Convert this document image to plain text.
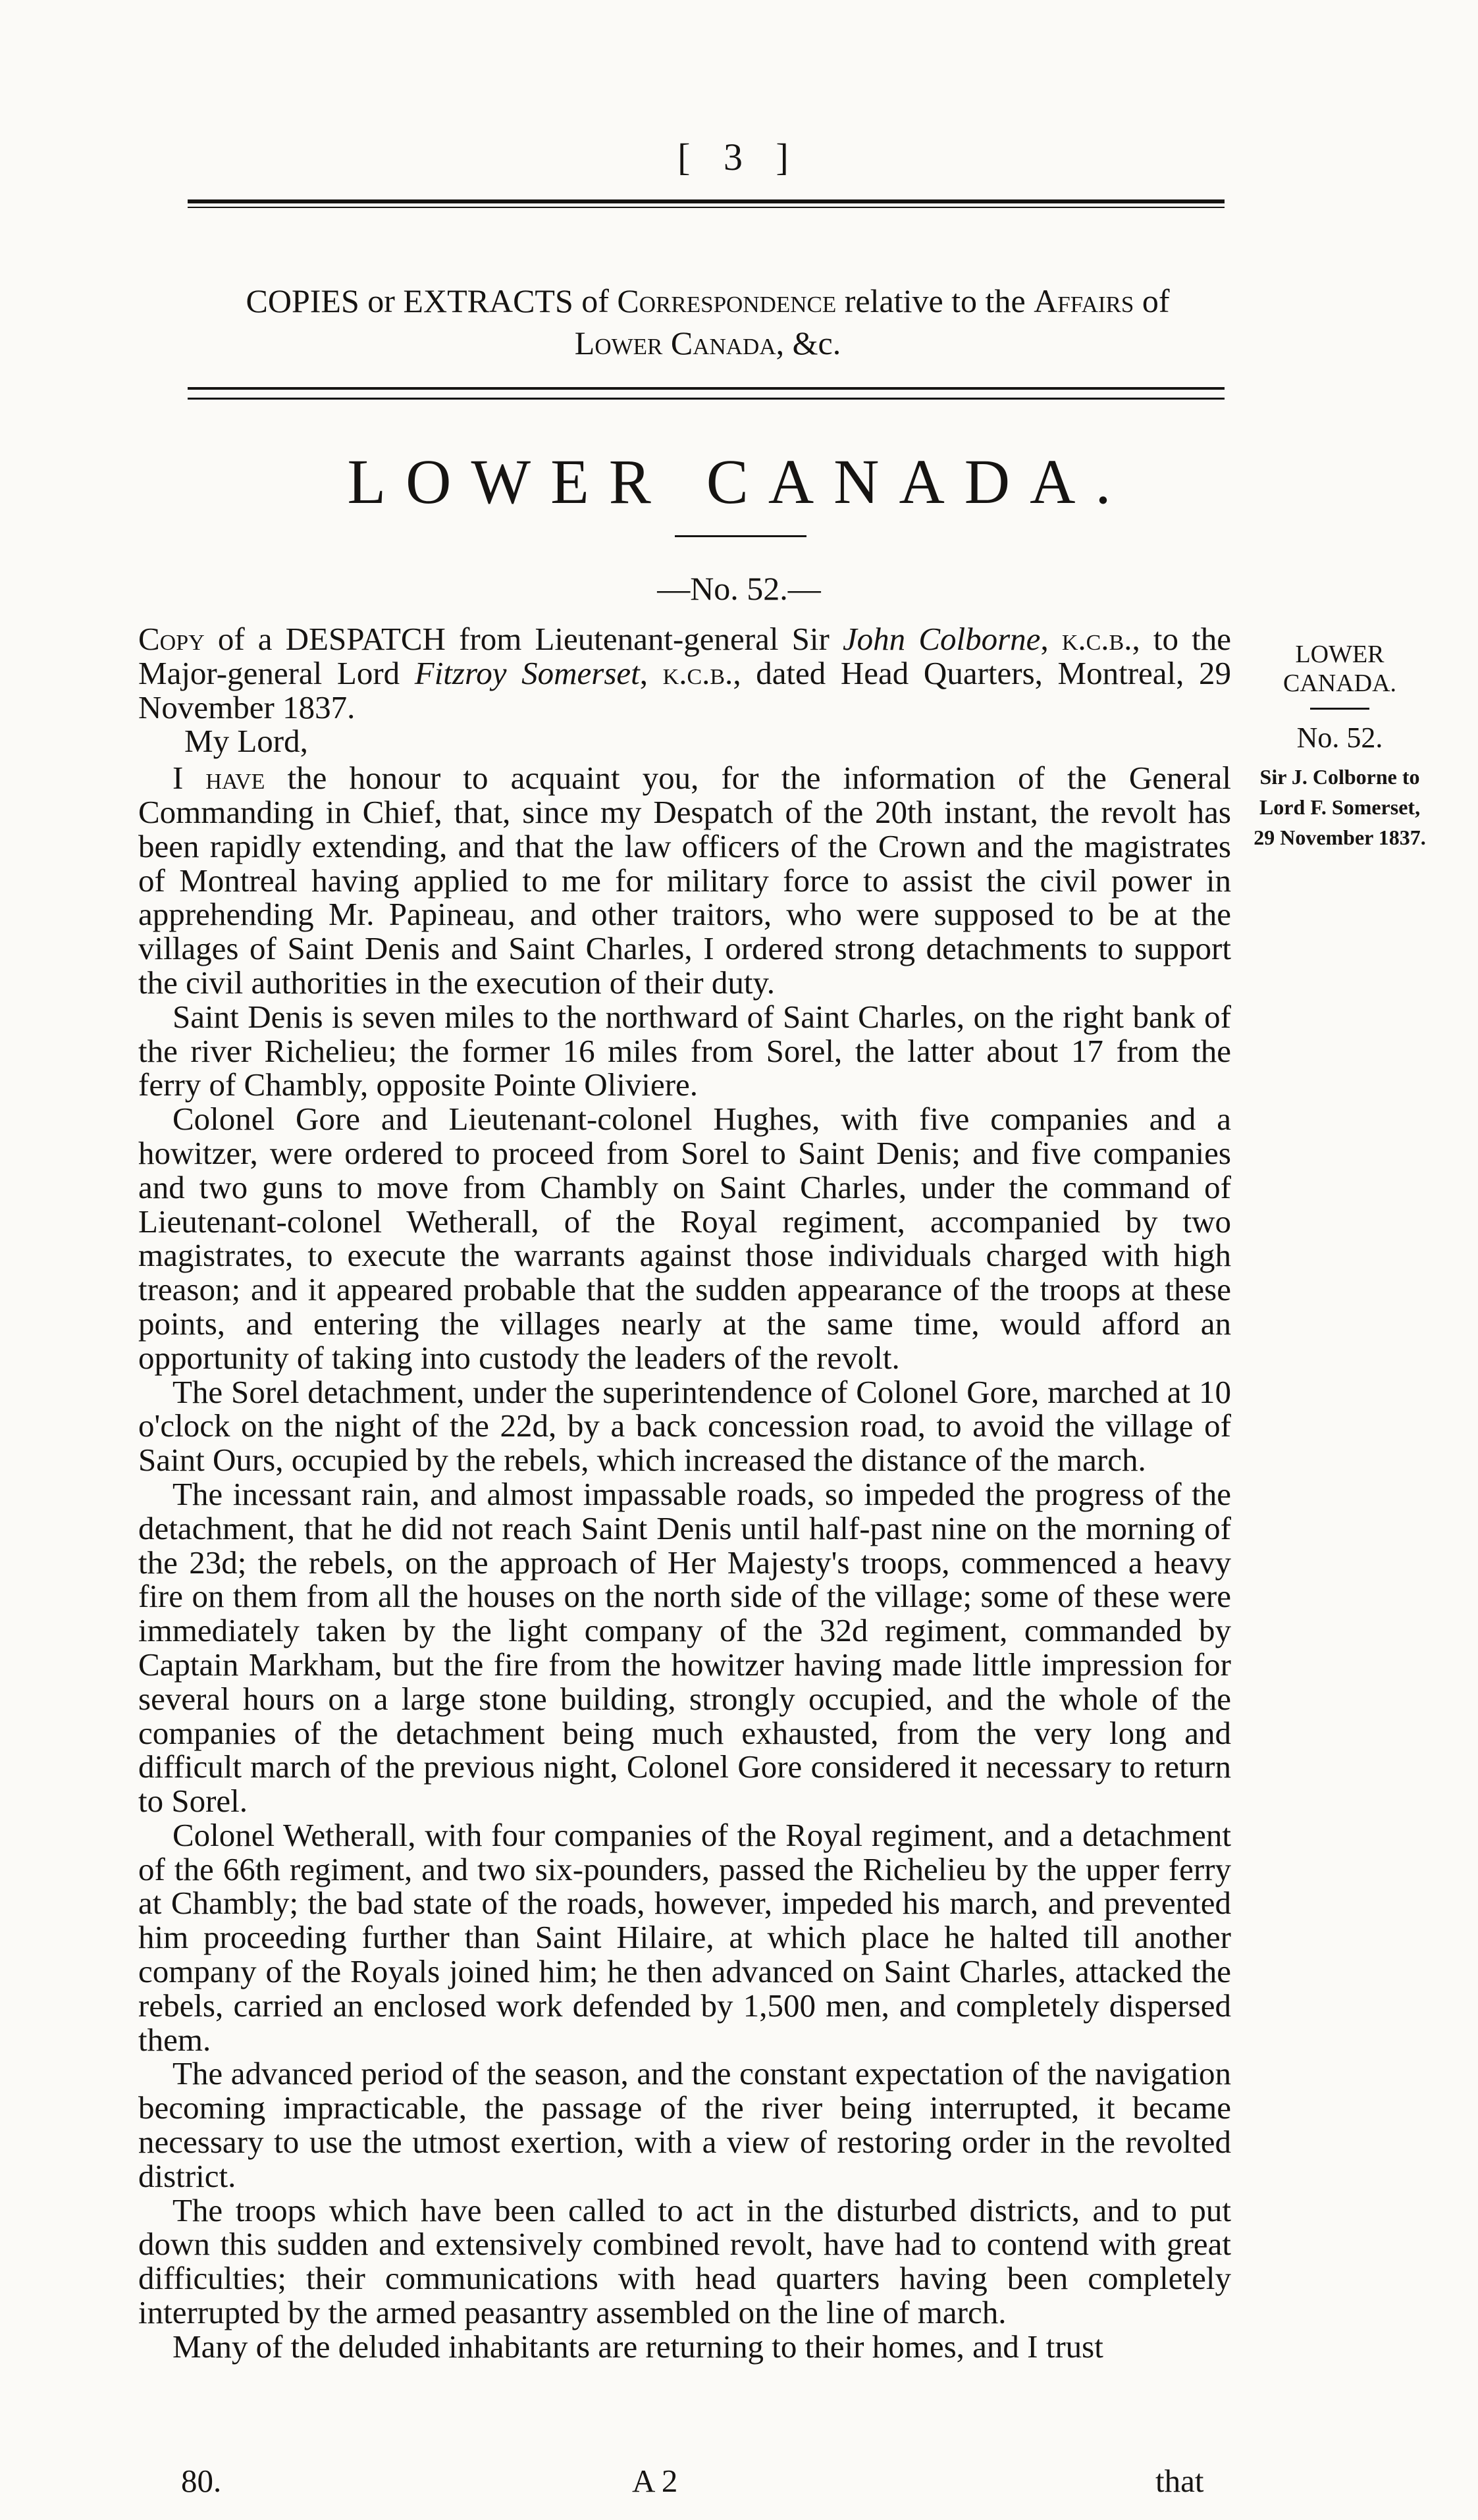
[ 3 ]
COPIES or EXTRACTS of Correspondence relative to the Affairs of
Lower Canada, &c.
LOWER CANADA.
—No. 52.—

Copy of a DESPATCH from Lieutenant-general Sir John Colborne, k.c.b., to the Major-general Lord Fitzroy Somerset, k.c.b., dated Head Quarters, Montreal, 29 November 1837.

My Lord,

I have the honour to acquaint you, for the information of the General Commanding in Chief, that, since my Despatch of the 20th instant, the revolt has been rapidly extending, and that the law officers of the Crown and the magistrates of Montreal having applied to me for military force to assist the civil power in apprehending Mr. Papineau, and other traitors, who were supposed to be at the villages of Saint Denis and Saint Charles, I ordered strong detachments to support the civil authorities in the execution of their duty.

Saint Denis is seven miles to the northward of Saint Charles, on the right bank of the river Richelieu; the former 16 miles from Sorel, the latter about 17 from the ferry of Chambly, opposite Pointe Oliviere.

Colonel Gore and Lieutenant-colonel Hughes, with five companies and a howitzer, were ordered to proceed from Sorel to Saint Denis; and five companies and two guns to move from Chambly on Saint Charles, under the command of Lieutenant-colonel Wetherall, of the Royal regiment, accompanied by two magistrates, to execute the warrants against those individuals charged with high treason; and it appeared probable that the sudden appearance of the troops at these points, and entering the villages nearly at the same time, would afford an opportunity of taking into custody the leaders of the revolt.

The Sorel detachment, under the superintendence of Colonel Gore, marched at 10 o'clock on the night of the 22d, by a back concession road, to avoid the village of Saint Ours, occupied by the rebels, which increased the distance of the march.

The incessant rain, and almost impassable roads, so impeded the progress of the detachment, that he did not reach Saint Denis until half-past nine on the morning of the 23d; the rebels, on the approach of Her Majesty's troops, commenced a heavy fire on them from all the houses on the north side of the village; some of these were immediately taken by the light company of the 32d regiment, commanded by Captain Markham, but the fire from the howitzer having made little impression for several hours on a large stone building, strongly occupied, and the whole of the companies of the detachment being much exhausted, from the very long and difficult march of the previous night, Colonel Gore considered it necessary to return to Sorel.

Colonel Wetherall, with four companies of the Royal regiment, and a detachment of the 66th regiment, and two six-pounders, passed the Richelieu by the upper ferry at Chambly; the bad state of the roads, however, impeded his march, and prevented him proceeding further than Saint Hilaire, at which place he halted till another company of the Royals joined him; he then advanced on Saint Charles, attacked the rebels, carried an enclosed work defended by 1,500 men, and completely dispersed them.

The advanced period of the season, and the constant expectation of the navigation becoming impracticable, the passage of the river being interrupted, it became necessary to use the utmost exertion, with a view of restoring order in the revolted district.

The troops which have been called to act in the disturbed districts, and to put down this sudden and extensively combined revolt, have had to contend with great difficulties; their communications with head quarters having been completely interrupted by the armed peasantry assembled on the line of march.

Many of the deluded inhabitants are returning to their homes, and I trust

LOWER CANADA.
No. 52.
Sir J. Colborne to
Lord F. Somerset,
29 November 1837.
80.	A 2	that
